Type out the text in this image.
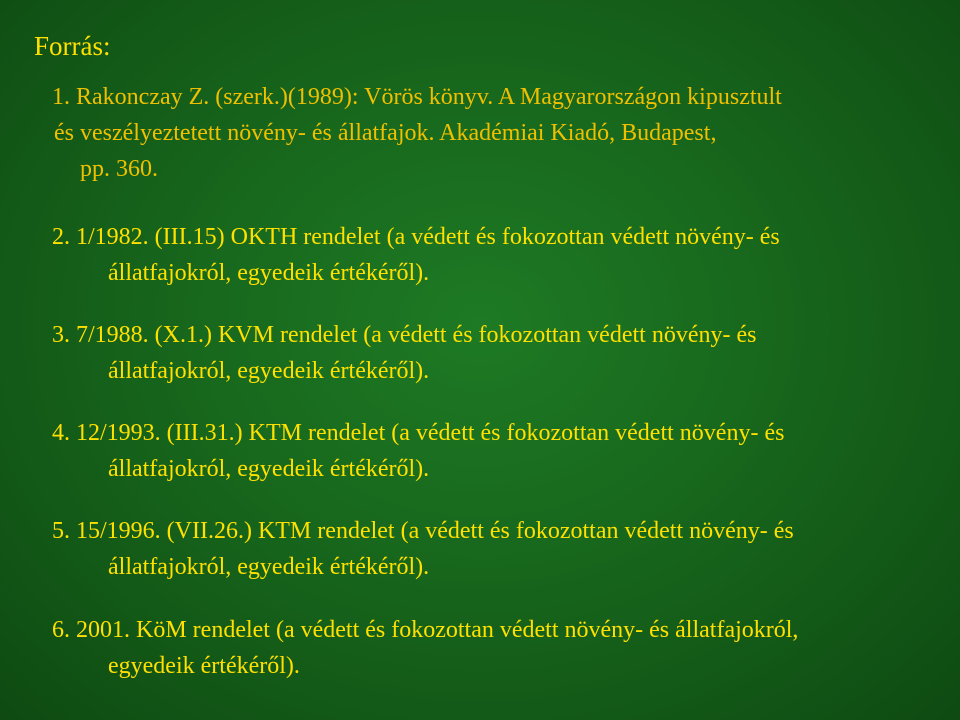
Forrás:
1. Rakonczay Z. (szerk.)(1989): Vörös könyv. A Magyarországon kipusztult
és veszélyeztetett növény- és állatfajok. Akadémiai Kiadó, Budapest,
pp. 360.
2. 1/1982. (III.15) OKTH rendelet (a védett és fokozottan védett növény- és
állatfajokról, egyedeik értékéről).
3. 7/1988. (X.1.) KVM rendelet (a védett és fokozottan védett növény- és
állatfajokról, egyedeik értékéről).
4. 12/1993. (III.31.) KTM rendelet (a védett és fokozottan védett növény- és
állatfajokról, egyedeik értékéről).
5. 15/1996. (VII.26.) KTM rendelet (a védett és fokozottan védett növény- és
állatfajokról, egyedeik értékéről).
6. 2001. KöM rendelet (a védett és fokozottan védett növény- és állatfajokról,
egyedeik értékéről).
